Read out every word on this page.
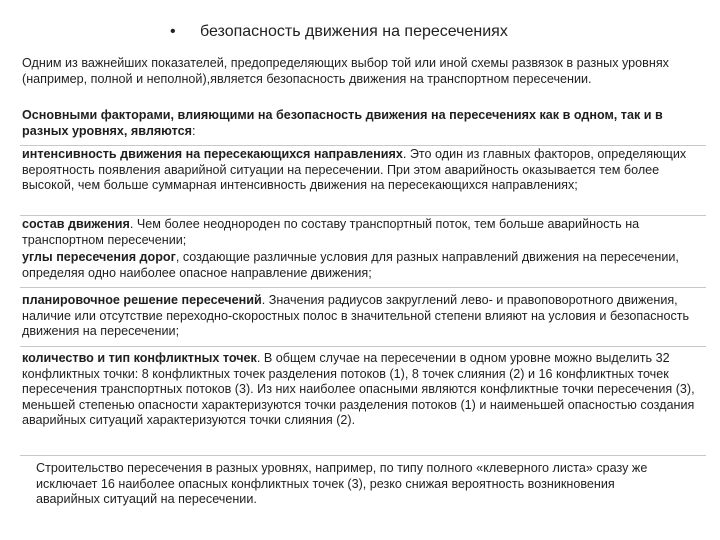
• безопасность движения на пересечениях
Одним из важнейших показателей, предопределяющих выбор той или иной схемы развязок в разных уровнях (например, полной и неполной),является безопасность движения на транспортном пересечении.
Основными факторами, влияющими на безопасность движения на пересечениях как в одном, так и в разных уровнях, являются:
интенсивность движения на пересекающихся направлениях. Это один из главных факторов, определяющих вероятность появления аварийной ситуации на пересечении. При этом аварийность оказывается тем более высокой, чем больше суммарная интенсивность движения на пересекающихся направлениях;
состав движения. Чем более неоднороден по составу транспортный поток, тем больше аварийность на транспортном пересечении;
углы пересечения дорог, создающие различные условия для разных направлений движения на пересечении, определяя одно наиболее опасное направление движения;
планировочное решение пересечений. Значения радиусов закруглений лево- и правоповоротного движения, наличие или отсутствие переходно-скоростных полос в значительной степени влияют на условия и безопасность движения на пересечении;
количество и тип конфликтных точек. В общем случае на пересечении в одном уровне можно выделить 32 конфликтных точки: 8 конфликтных точек разделения потоков (1), 8 точек слияния (2) и 16 конфликтных точек пересечения транспортных потоков (3). Из них наиболее опасными являются конфликтные точки пересечения (3), меньшей степенью опасности характеризуются точки разделения потоков (1) и наименьшей опасностью создания аварийных ситуаций характеризуются точки слияния (2).
Строительство пересечения в разных уровнях, например, по типу полного «клеверного листа» сразу же исключает 16 наиболее опасных конфликтных точек (3), резко снижая вероятность возникновения аварийных ситуаций на пересечении.
